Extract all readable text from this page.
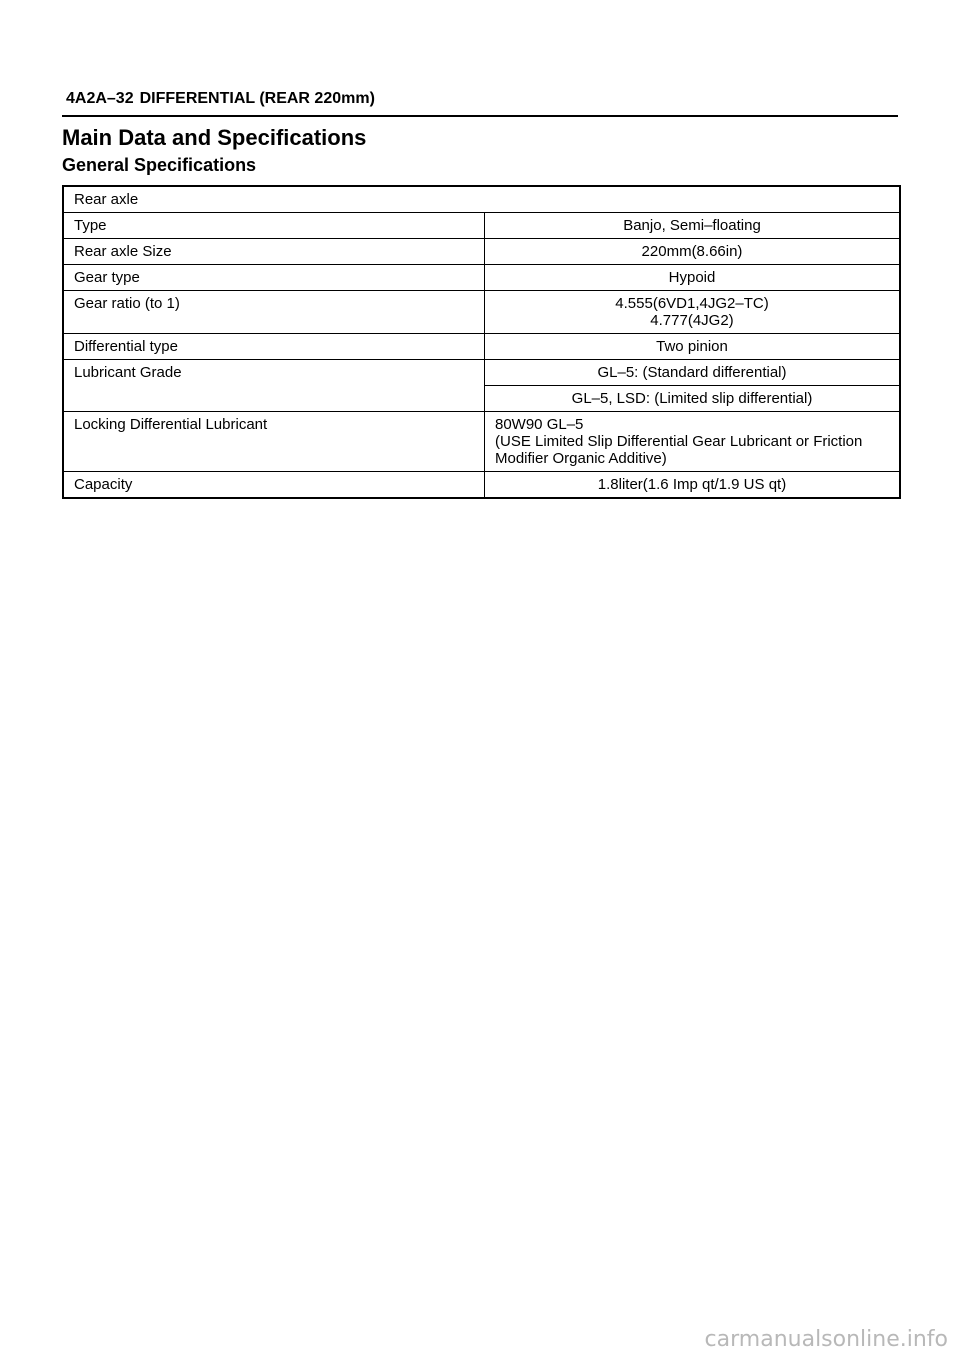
4A2A–32 DIFFERENTIAL (REAR 220mm)
Main Data and Specifications
General Specifications
Rear axle	
Type	Banjo, Semi–floating
Rear axle Size	220mm(8.66in)
Gear type	Hypoid
Gear ratio (to 1)	4.555(6VD1,4JG2–TC)
4.777(4JG2)

Differential type	Two pinion
Lubricant Grade	GL–5: (Standard differential)
	GL–5, LSD: (Limited slip differential)
Locking Differential Lubricant	80W90 GL–5
(USE Limited Slip Differential Gear Lubricant or Friction
Modifier Organic Additive)

Capacity	1.8liter(1.6 Imp qt/1.9 US qt)
carmanualsonline.info
